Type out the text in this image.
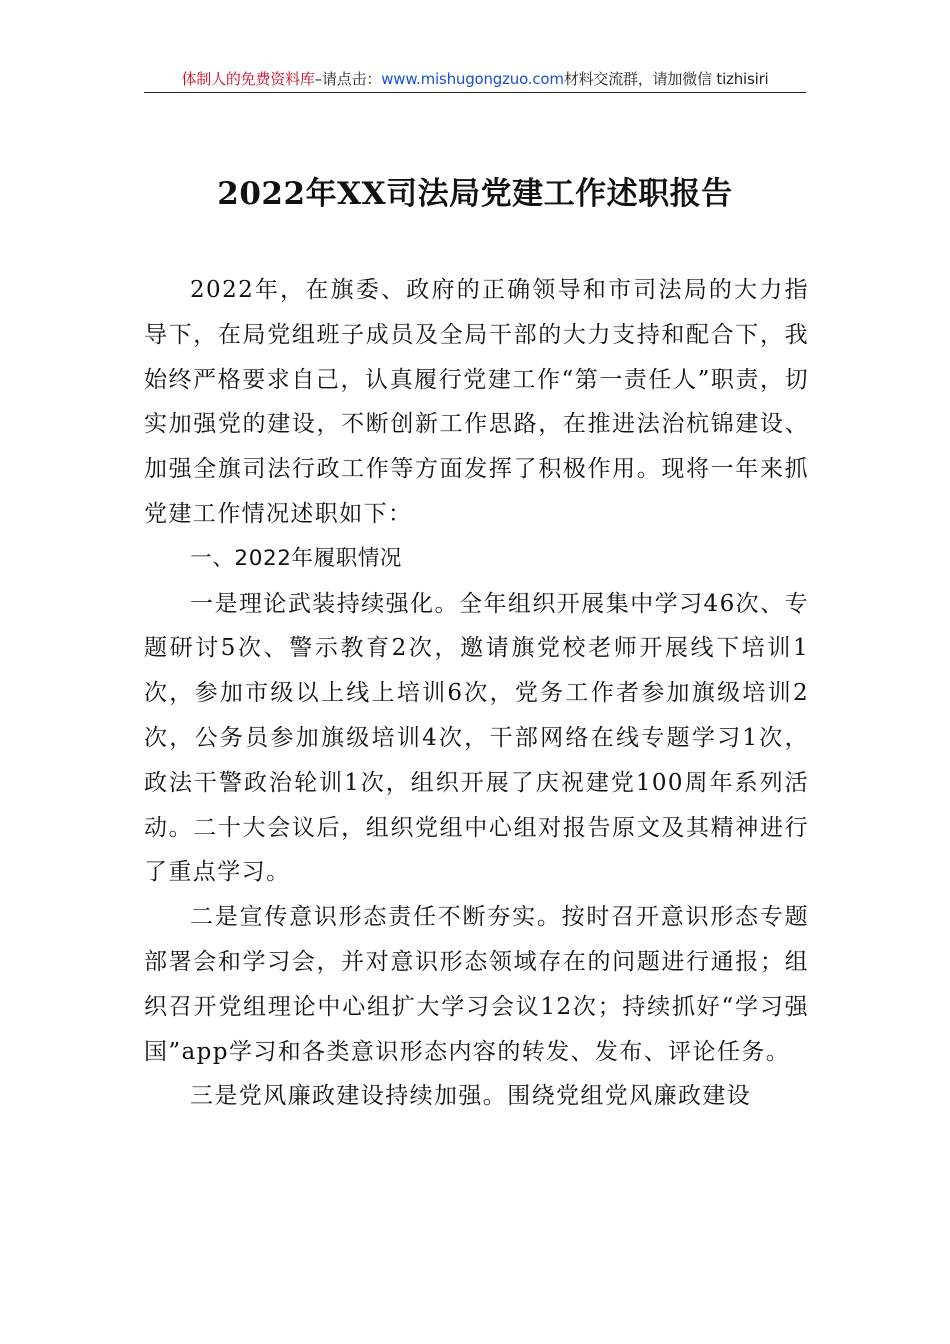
体制人的免费资料库–请点击：www.mishugongzuo.com材料交流群，请加微信 tizhisiri
2022年XX司法局党建工作述职报告

2022年，在旗委、政府的正确领导和市司法局的大力指导下，在局党组班子成员及全局干部的大力支持和配合下，我始终严格要求自己，认真履行党建工作“第一责任人”职责，切实加强党的建设，不断创新工作思路，在推进法治杭锦建设、加强全旗司法行政工作等方面发挥了积极作用。现将一年来抓党建工作情况述职如下：

一、2022年履职情况

一是理论武装持续强化。全年组织开展集中学习46次、专题研讨5次、警示教育2次，邀请旗党校老师开展线下培训1次，参加市级以上线上培训6次，党务工作者参加旗级培训2次，公务员参加旗级培训4次，干部网络在线专题学习1次，政法干警政治轮训1次，组织开展了庆祝建党100周年系列活动。二十大会议后，组织党组中心组对报告原文及其精神进行了重点学习。

二是宣传意识形态责任不断夯实。按时召开意识形态专题部署会和学习会，并对意识形态领域存在的问题进行通报；组织召开党组理论中心组扩大学习会议12次；持续抓好“学习强国”app学习和各类意识形态内容的转发、发布、评论任务。

三是党风廉政建设持续加强。围绕党组党风廉政建设
